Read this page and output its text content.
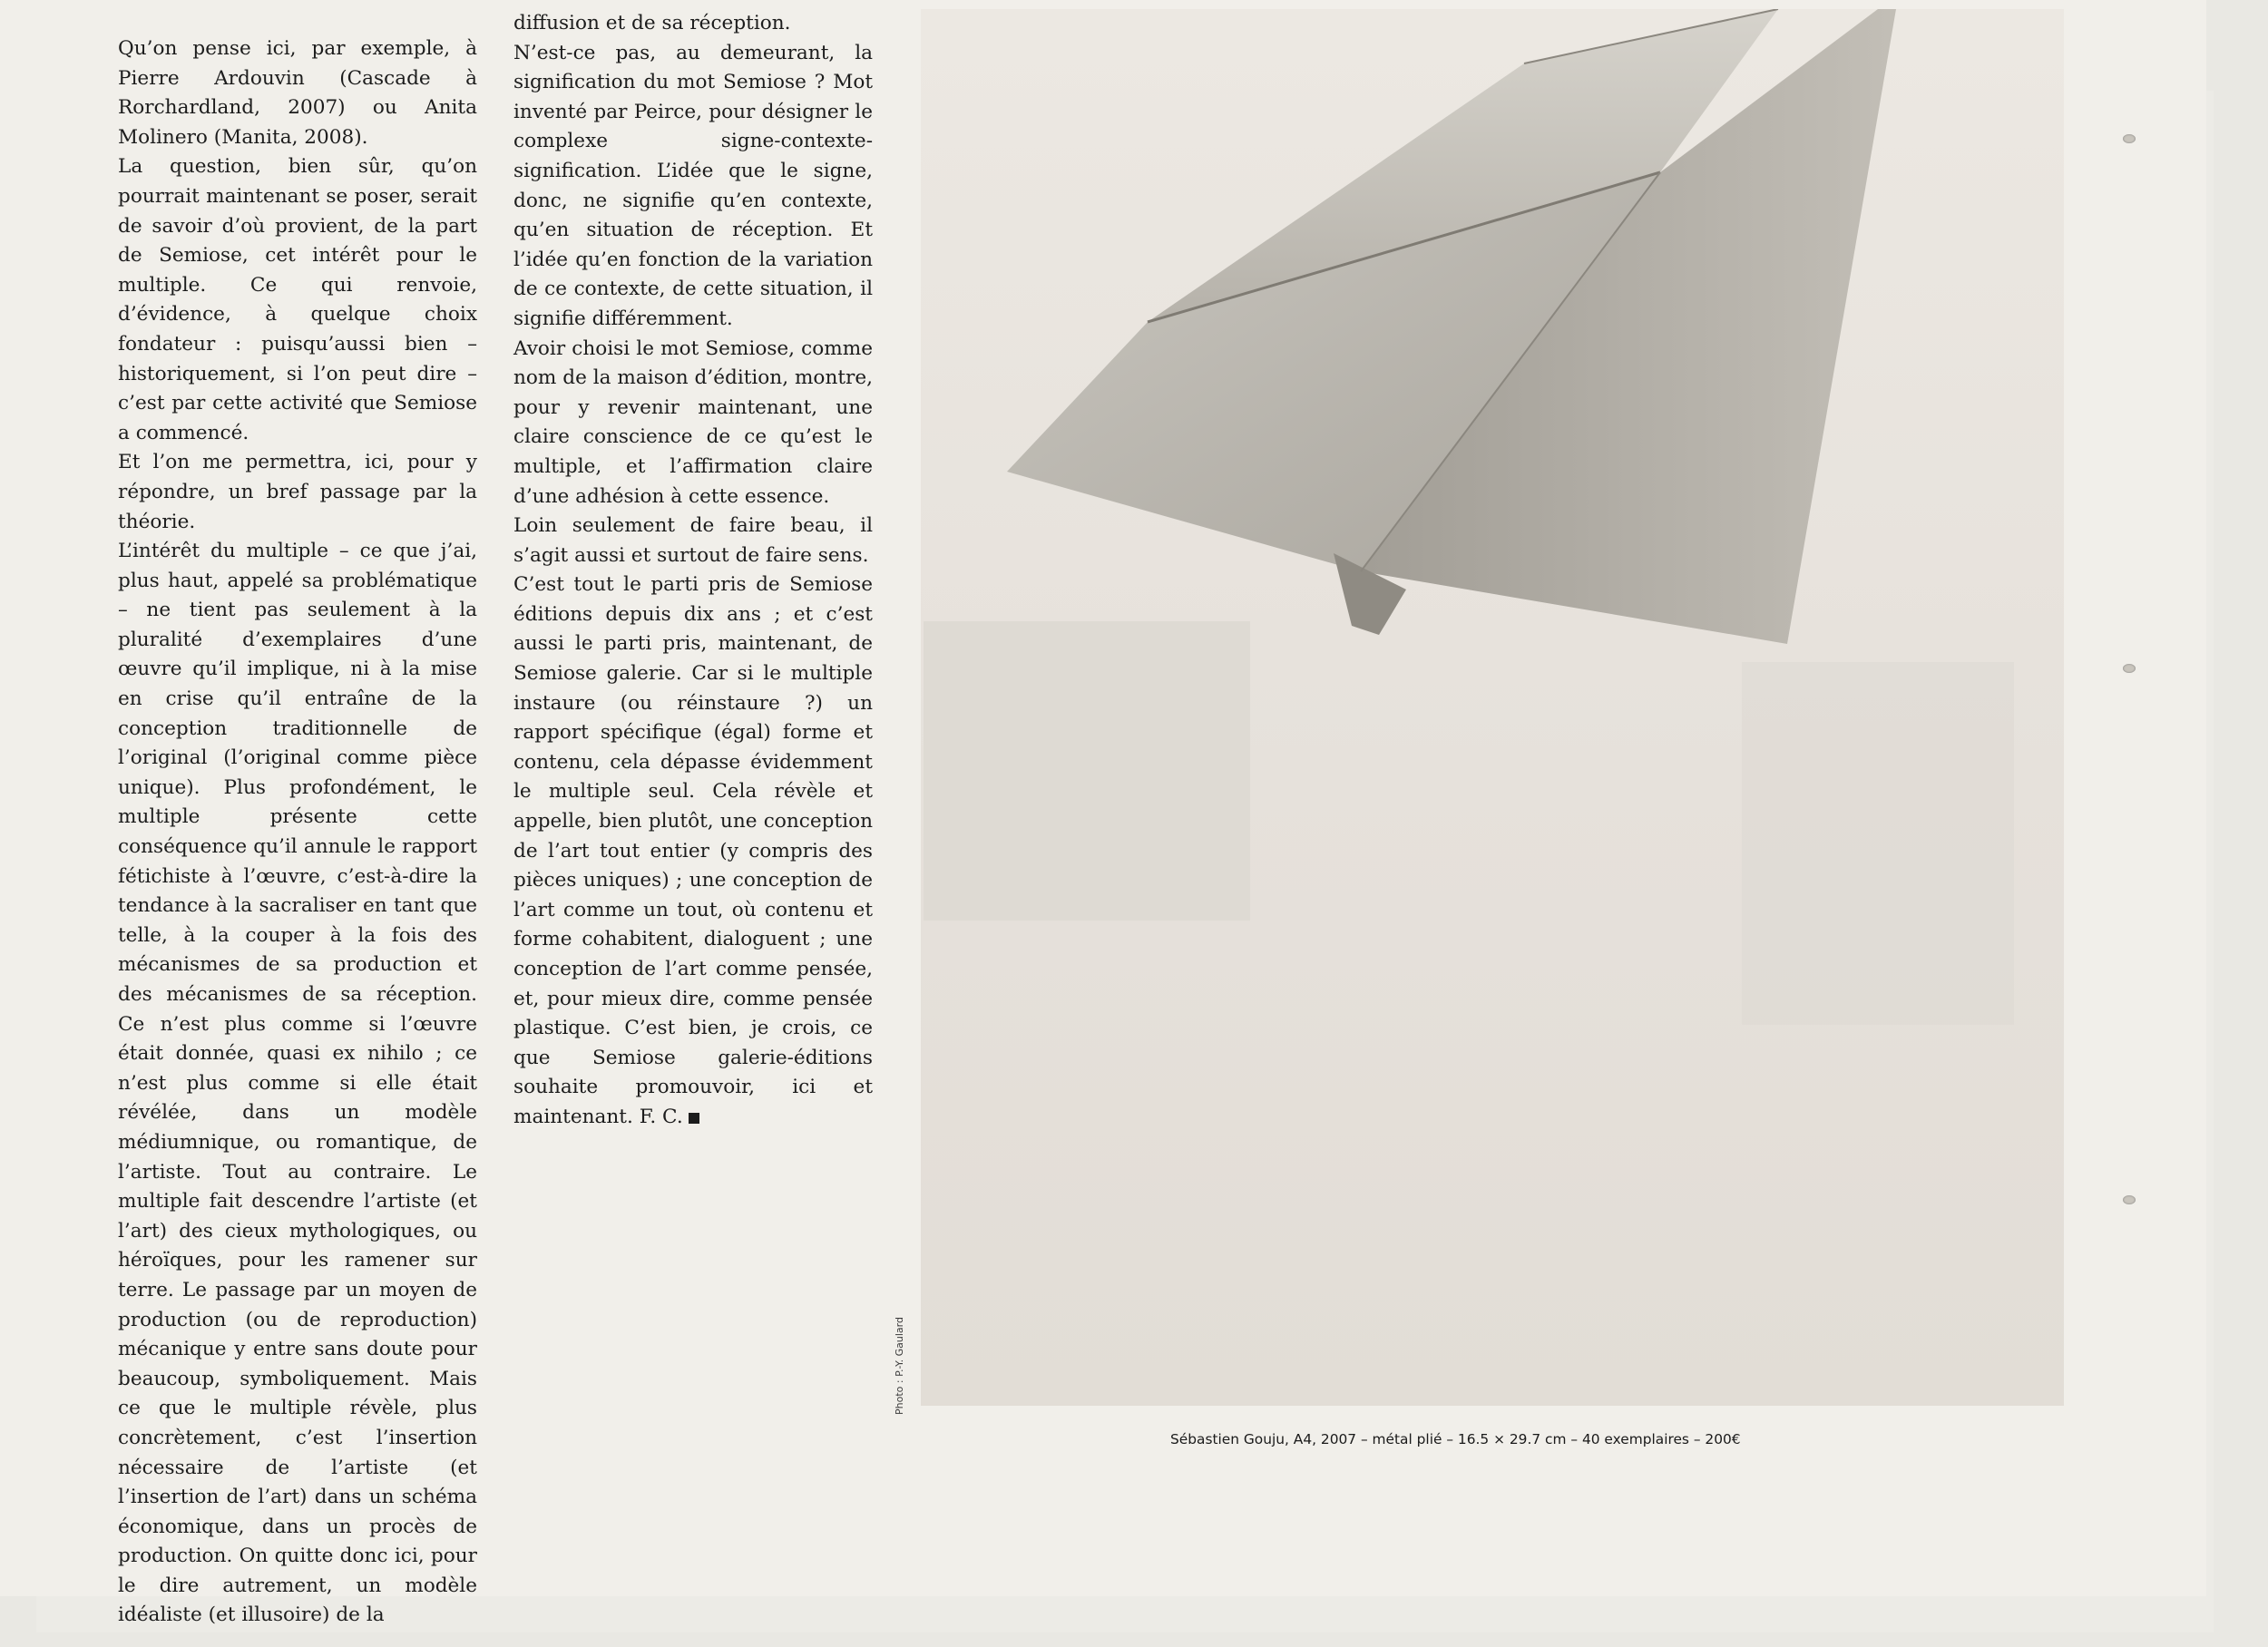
Qu’on pense ici, par exemple, à Pierre Ardouvin (Cascade à Rorchardland, 2007) ou Anita Molinero (Manita, 2008).

La question, bien sûr, qu’on pourrait maintenant se poser, serait de savoir d’où provient, de la part de Semiose, cet intérêt pour le multiple. Ce qui renvoie, d’évidence, à quelque choix fondateur : puisqu’aussi bien – historiquement, si l’on peut dire – c’est par cette activité que Semiose a commencé.

Et l’on me permettra, ici, pour y répondre, un bref passage par la théorie.

L’intérêt du multiple – ce que j’ai, plus haut, appelé sa problématique – ne tient pas seulement à la pluralité d’exemplaires d’une œuvre qu’il implique, ni à la mise en crise qu’il entraîne de la conception traditionnelle de l’original (l’original comme pièce unique). Plus profondément, le multiple présente cette conséquence qu’il annule le rapport fétichiste à l’œuvre, c’est-à-dire la tendance à la sacraliser en tant que telle, à la couper à la fois des mécanismes de sa production et des mécanismes de sa réception. Ce n’est plus comme si l’œuvre était donnée, quasi ex nihilo ; ce n’est plus comme si elle était révélée, dans un modèle médiumnique, ou romantique, de l’artiste. Tout au contraire. Le multiple fait descendre l’artiste (et l’art) des cieux mythologiques, ou héroïques, pour les ramener sur terre. Le passage par un moyen de production (ou de reproduction) mécanique y entre sans doute pour beaucoup, symboliquement. Mais ce que le multiple révèle, plus concrètement, c’est l’insertion nécessaire de l’artiste (et l’insertion de l’art) dans un schéma économique, dans un procès de production. On quitte donc ici, pour le dire autrement, un modèle idéaliste (et illusoire) de la

diffusion et de sa réception.

N’est-ce pas, au demeurant, la signification du mot Semiose ? Mot inventé par Peirce, pour désigner le complexe signe-contexte-signification. L’idée que le signe, donc, ne signifie qu’en contexte, qu’en situation de réception. Et l’idée qu’en fonction de la variation de ce contexte, de cette situation, il signifie différemment.

Avoir choisi le mot Semiose, comme nom de la maison d’édition, montre, pour y revenir maintenant, une claire conscience de ce qu’est le multiple, et l’affirmation claire d’une adhésion à cette essence.

Loin seulement de faire beau, il s’agit aussi et surtout de faire sens.

C’est tout le parti pris de Semiose éditions depuis dix ans ; et c’est aussi le parti pris, maintenant, de Semiose galerie. Car si le multiple instaure (ou réinstaure ?) un rapport spécifique (égal) forme et contenu, cela dépasse évidemment le multiple seul. Cela révèle et appelle, bien plutôt, une conception de l’art tout entier (y compris des pièces uniques) ; une conception de l’art comme un tout, où contenu et forme cohabitent, dialoguent ; une conception de l’art comme pensée, et, pour mieux dire, comme pensée plastique. C’est bien, je crois, ce que Semiose galerie-éditions souhaite promouvoir, ici et maintenant. F. C.

Photo : P.-Y. Gaulard
Sébastien Gouju, A4, 2007 – métal plié – 16.5 × 29.7 cm – 40 exemplaires – 200€
